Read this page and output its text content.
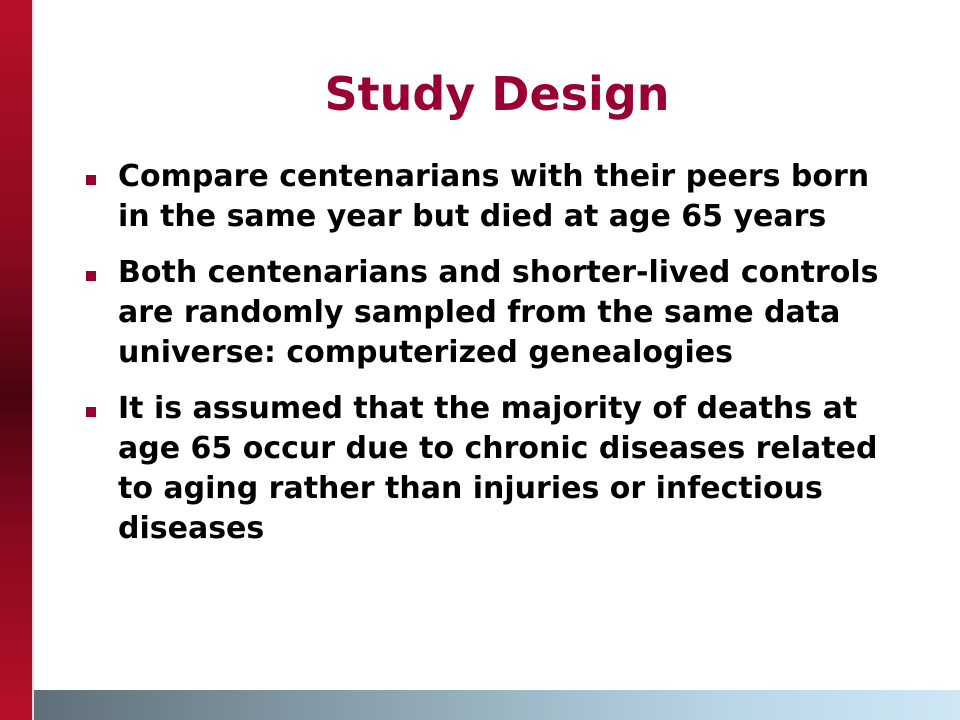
Study Design
Compare centenarians with their peers born in the same year but died at age 65 years
Both centenarians and shorter-lived controls are randomly sampled from the same data universe: computerized genealogies
It is assumed that the majority of deaths at age 65 occur due to chronic diseases related to aging rather than injuries or infectious diseases
